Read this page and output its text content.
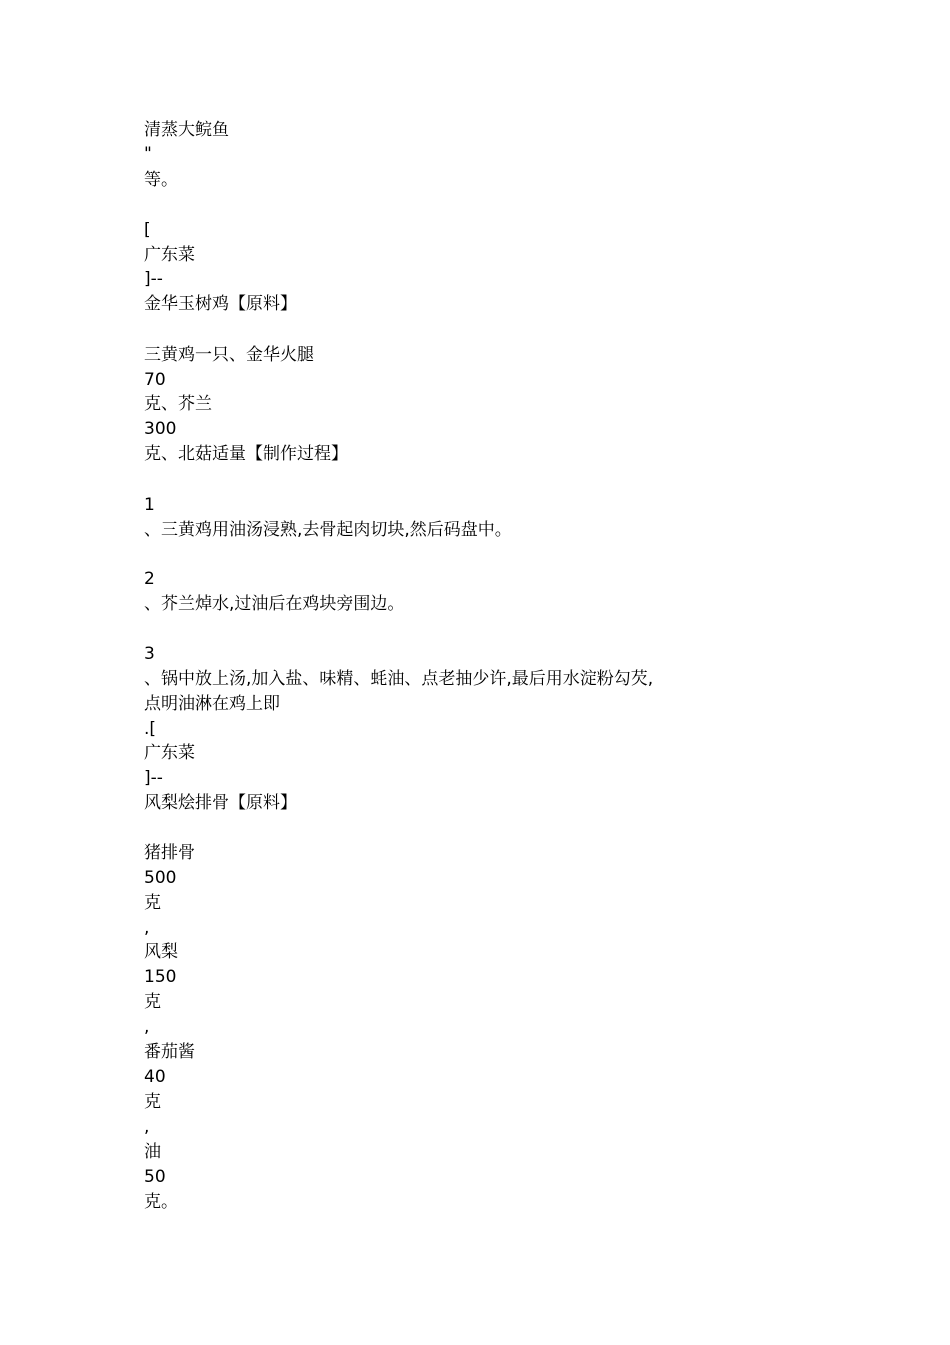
清蒸大鲩鱼
"
等。
[
广东菜
]--
金华玉树鸡【原料】
三黄鸡一只、金华火腿
70
克、芥兰
300
克、北菇适量【制作过程】
1
、三黄鸡用油汤浸熟,去骨起肉切块,然后码盘中。
2
、芥兰焯水,过油后在鸡块旁围边。
3
、锅中放上汤,加入盐、味精、蚝油、点老抽少许,最后用水淀粉勾芡,
点明油淋在鸡上即
.[
广东菜
]--
风梨烩排骨【原料】
猪排骨
500
克
,
风梨
150
克
,
番茄酱
40
克
,
油
50
克。
